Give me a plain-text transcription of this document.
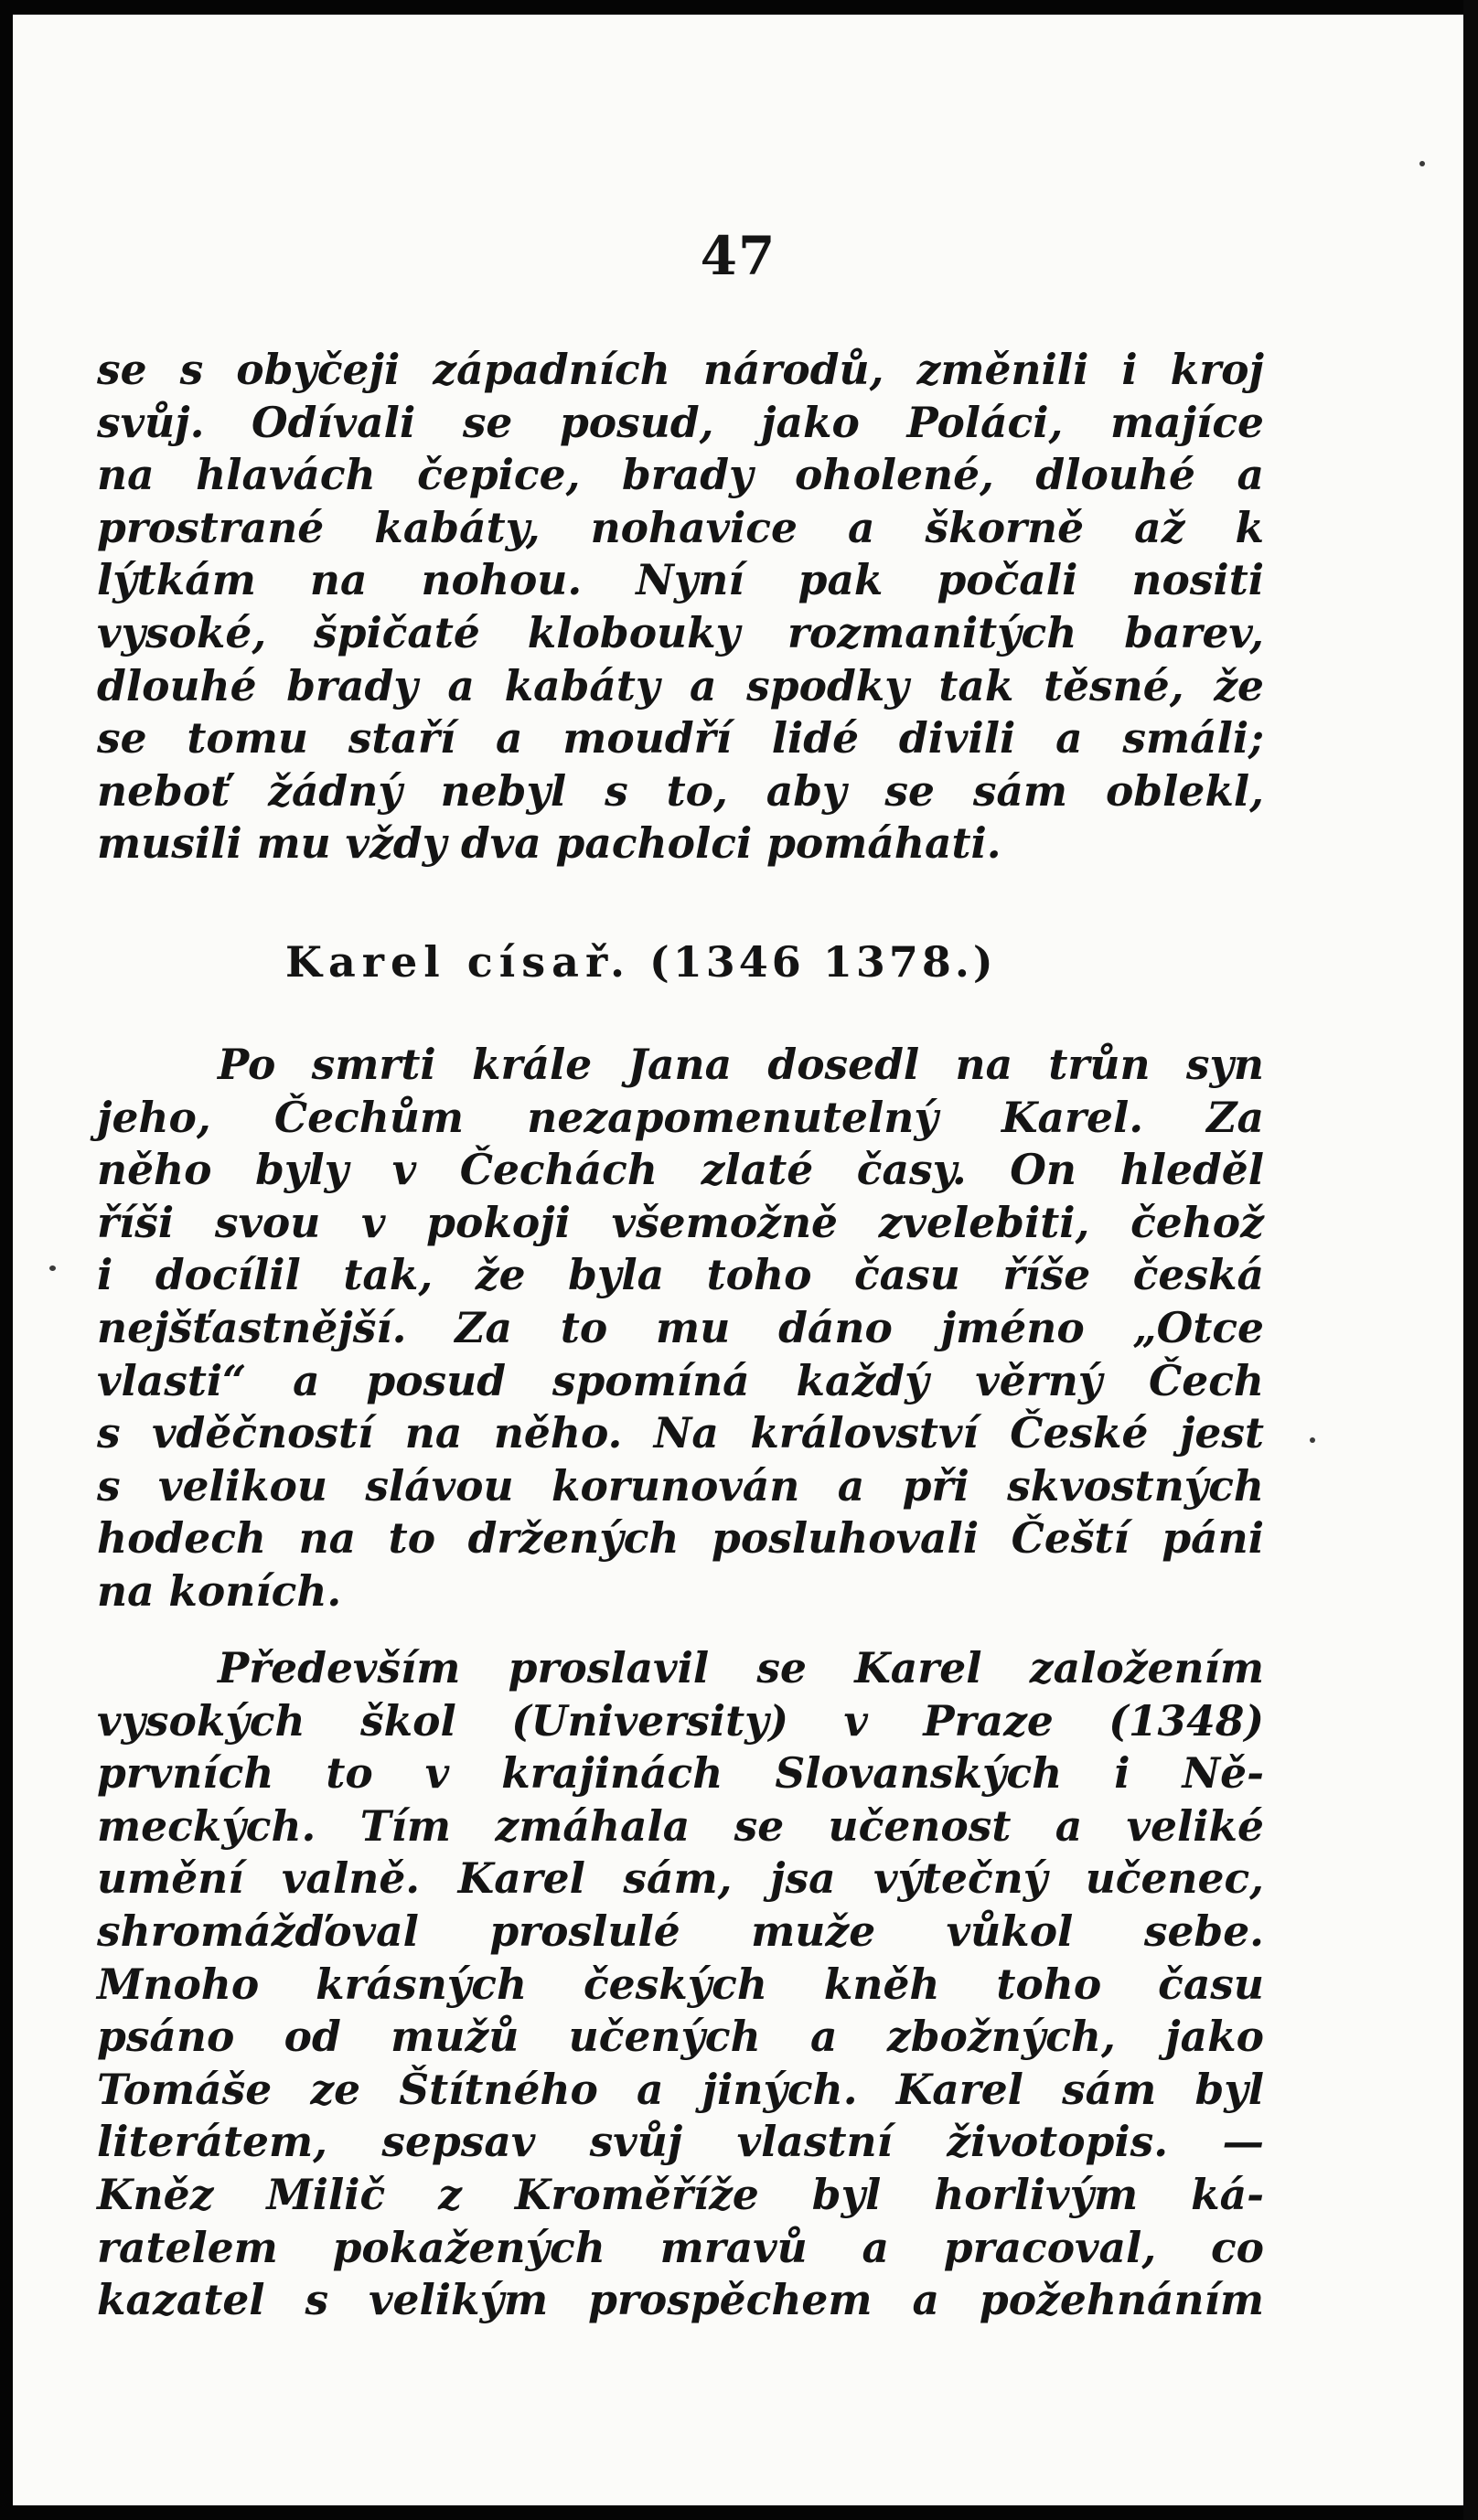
47
se s obyčeji západních národů, změnili i kroj
svůj. Odívali se posud, jako Poláci, majíce
na hlavách čepice, brady oholené, dlouhé a
prostrané kabáty, nohavice a škorně až k
lýtkám na nohou. Nyní pak počali nositi
vysoké, špičaté klobouky rozmanitých barev,
dlouhé brady a kabáty a spodky tak těsné, že
se tomu staří a moudří lidé divili a smáli;
neboť žádný nebyl s to, aby se sám oblekl,
musili mu vždy dva pacholci pomáhati.
Karel císař. (1346 1378.)
Po smrti krále Jana dosedl na trůn syn
jeho, Čechům nezapomenutelný Karel. Za
něho byly v Čechách zlaté časy. On hleděl
říši svou v pokoji všemožně zvelebiti, čehož
i docílil tak, že byla toho času říše česká
nejšťastnější. Za to mu dáno jméno „Otce
vlasti“ a posud spomíná každý věrný Čech
s vděčností na něho. Na království České jest
s velikou slávou korunován a při skvostných
hodech na to držených posluhovali Čeští páni
na koních.
Především proslavil se Karel založením
vysokých škol (University) v Praze (1348)
prvních to v krajinách Slovanských i Ně-
meckých. Tím zmáhala se učenost a veliké
umění valně. Karel sám, jsa výtečný učenec,
shromážďoval proslulé muže vůkol sebe.
Mnoho krásných českých kněh toho času
psáno od mužů učených a zbožných, jako
Tomáše ze Štítného a jiných. Karel sám byl
literátem, sepsav svůj vlastní životopis. —
Kněz Milič z Kroměříže byl horlivým ká-
ratelem pokažených mravů a pracoval, co
kazatel s velikým prospěchem a požehnáním
